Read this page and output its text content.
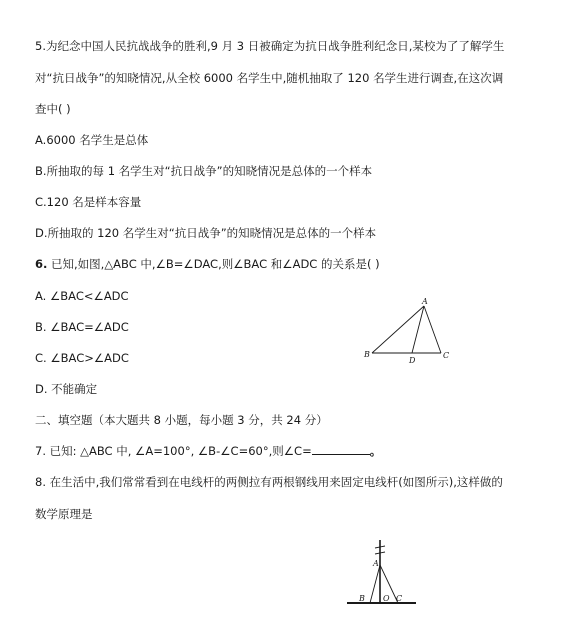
5.为纪念中国人民抗战战争的胜利,9 月 3 日被确定为抗日战争胜利纪念日,某校为了了解学生
对“抗日战争”的知晓情况,从全校 6000 名学生中,随机抽取了 120 名学生进行调查,在这次调
查中( )
A.6000 名学生是总体
B.所抽取的每 1 名学生对“抗日战争”的知晓情况是总体的一个样本
C.120 名是样本容量
D.所抽取的 120 名学生对“抗日战争”的知晓情况是总体的一个样本
6. 已知,如图,△ABC 中,∠B=∠DAC,则∠BAC 和∠ADC 的关系是( )
A. ∠BAC<∠ADC
B. ∠BAC=∠ADC
C. ∠BAC>∠ADC
D. 不能确定
A
B	C
D
二、填空题（本大题共 8 小题，每小题 3 分，共 24 分）
7. 已知: △ABC 中, ∠A=100°, ∠B-∠C=60°,则∠C=	。
8. 在生活中,我们常常看到在电线杆的两侧拉有两根钢线用来固定电线杆(如图所示),这样做的
数学原理是
A
B O C
